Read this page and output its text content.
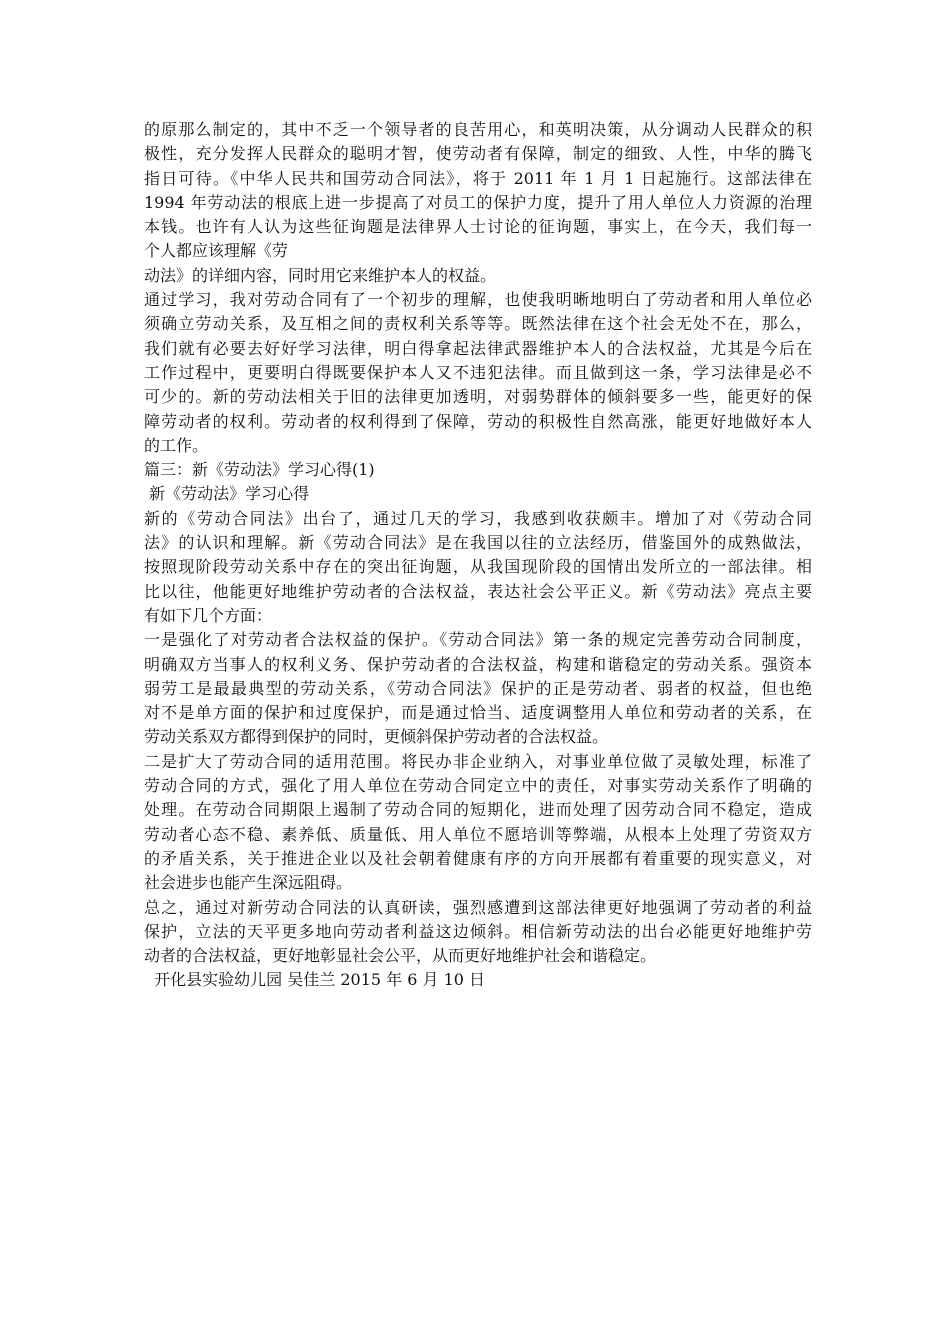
的原那么制定的，其中不乏一个领导者的良苦用心，和英明决策，从分调动人民群众的积
极性，充分发挥人民群众的聪明才智，使劳动者有保障，制定的细致、人性，中华的腾飞
指日可待。《中华人民共和国劳动合同法》，将于 2011 年 1 月 1 日起施行。这部法律在
1994 年劳动法的根底上进一步提高了对员工的保护力度，提升了用人单位人力资源的治理
本钱。也许有人认为这些征询题是法律界人士讨论的征询题，事实上，在今天，我们每一
个人都应该理解《劳
动法》的详细内容，同时用它来维护本人的权益。
通过学习，我对劳动合同有了一个初步的理解，也使我明晰地明白了劳动者和用人单位必
须确立劳动关系，及互相之间的责权利关系等等。既然法律在这个社会无处不在，那么，
我们就有必要去好好学习法律，明白得拿起法律武器维护本人的合法权益，尤其是今后在
工作过程中，更要明白得既要保护本人又不违犯法律。而且做到这一条，学习法律是必不
可少的。新的劳动法相关于旧的法律更加透明，对弱势群体的倾斜要多一些，能更好的保
障劳动者的权利。劳动者的权利得到了保障，劳动的积极性自然高涨，能更好地做好本人
的工作。
篇三：新《劳动法》学习心得(1)
新《劳动法》学习心得
新的《劳动合同法》出台了，通过几天的学习，我感到收获颇丰。增加了对《劳动合同
法》的认识和理解。新《劳动合同法》是在我国以往的立法经历，借鉴国外的成熟做法，
按照现阶段劳动关系中存在的突出征询题，从我国现阶段的国情出发所立的一部法律。相
比以往，他能更好地维护劳动者的合法权益，表达社会公平正义。新《劳动法》亮点主要
有如下几个方面：
一是强化了对劳动者合法权益的保护。《劳动合同法》第一条的规定完善劳动合同制度，
明确双方当事人的权利义务、保护劳动者的合法权益，构建和谐稳定的劳动关系。强资本
弱劳工是最最典型的劳动关系，《劳动合同法》保护的正是劳动者、弱者的权益，但也绝
对不是单方面的保护和过度保护，而是通过恰当、适度调整用人单位和劳动者的关系，在
劳动关系双方都得到保护的同时，更倾斜保护劳动者的合法权益。
二是扩大了劳动合同的适用范围。将民办非企业纳入，对事业单位做了灵敏处理，标准了
劳动合同的方式，强化了用人单位在劳动合同定立中的责任，对事实劳动关系作了明确的
处理。在劳动合同期限上遏制了劳动合同的短期化，进而处理了因劳动合同不稳定，造成
劳动者心态不稳、素养低、质量低、用人单位不愿培训等弊端，从根本上处理了劳资双方
的矛盾关系，关于推进企业以及社会朝着健康有序的方向开展都有着重要的现实意义，对
社会进步也能产生深远阻碍。
总之，通过对新劳动合同法的认真研读，强烈感遭到这部法律更好地强调了劳动者的利益
保护，立法的天平更多地向劳动者利益这边倾斜。相信新劳动法的出台必能更好地维护劳
动者的合法权益，更好地彰显社会公平，从而更好地维护社会和谐稳定。
开化县实验幼儿园 吴佳兰 2015 年 6 月 10 日
